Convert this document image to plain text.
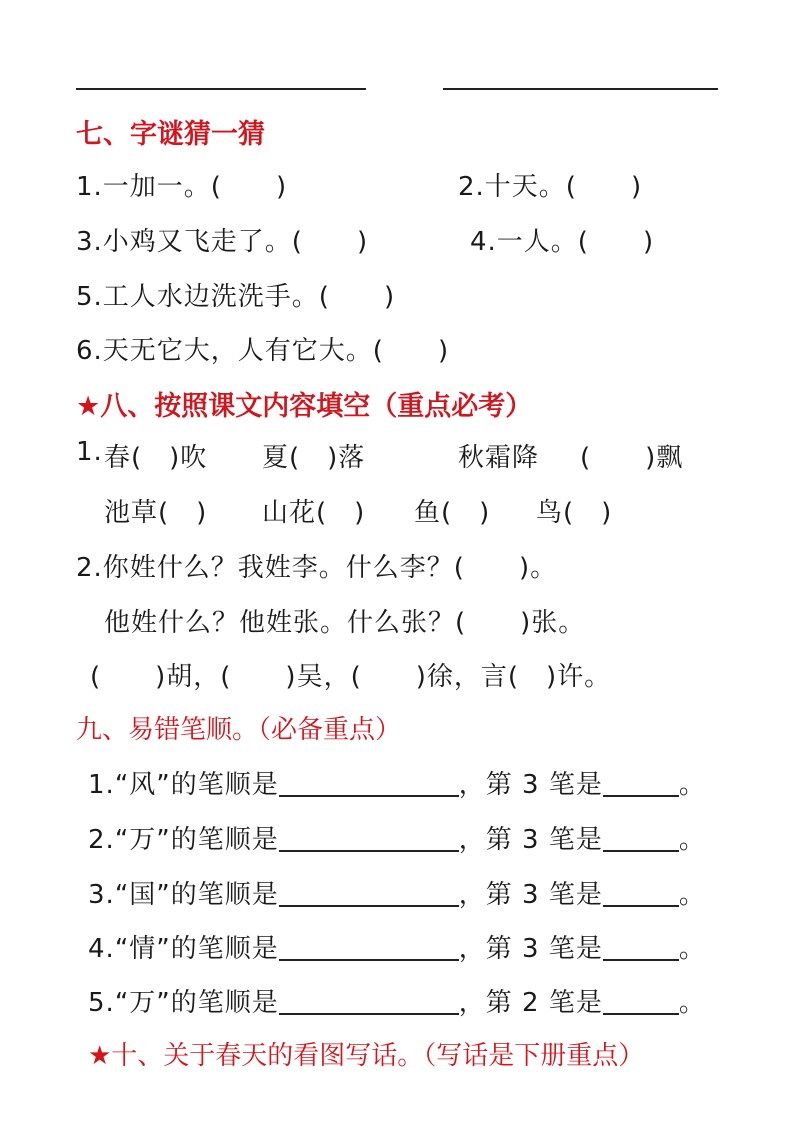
七、字谜猜一猜
1.一加一。(　　)	2.十天。(　　)
3.小鸡又飞走了。(　　)	4.一人。(　　)
5.工人水边洗洗手。(　　)
6.天无它大，人有它大。(　　)
★八、按照课文内容填空（重点必考）
1. 春(　)吹 夏(　)落	秋霜降 (　　)飘
池草(　) 山花(　) 鱼(　) 鸟(　)
2.你姓什么？我姓李。什么李？(　　)。
他姓什么？他姓张。什么张？(　　)张。
(　　)胡，(　　)吴，(　　)徐，言(　)许。
九、易错笔顺。（必备重点）
1.“风”的笔顺是	，第 3 笔是	。
2.“万”的笔顺是	，第 3 笔是	。
3.“国”的笔顺是	，第 3 笔是	。
4.“情”的笔顺是	，第 3 笔是	。
5.“万”的笔顺是	，第 2 笔是	。
★十、关于春天的看图写话。（写话是下册重点）
